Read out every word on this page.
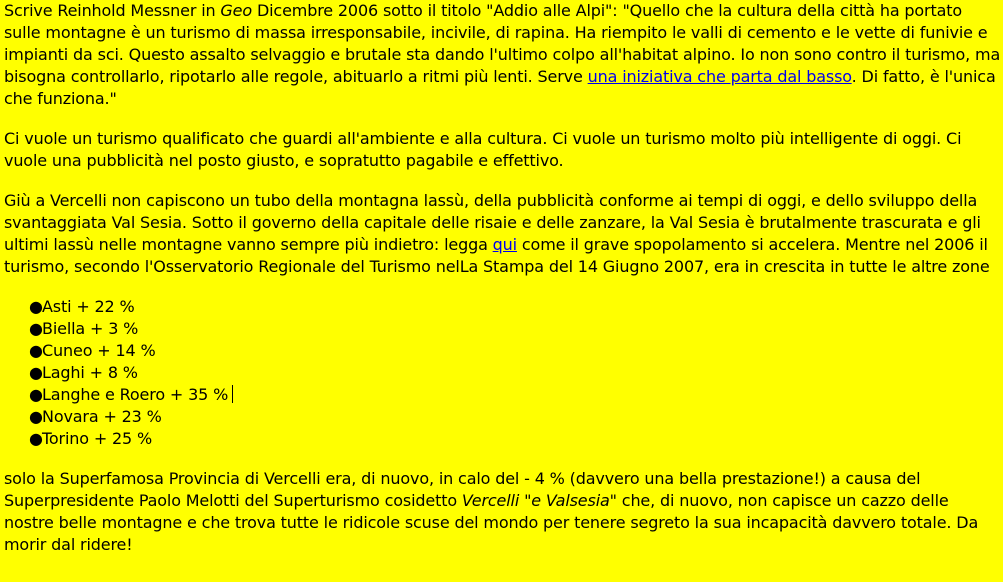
Scrive Reinhold Messner in Geo Dicembre 2006 sotto il titolo "Addio alle Alpi": "Quello che la cultura della città ha portato sulle montagne è un turismo di massa irresponsabile, incivile, di rapina. Ha riempito le valli di cemento e le vette di funivie e impianti da sci. Questo assalto selvaggio e brutale sta dando l'ultimo colpo all'habitat alpino. Io non sono contro il turismo, ma bisogna controllarlo, ripotarlo alle regole, abituarlo a ritmi più lenti. Serve una iniziativa che parta dal basso. Di fatto, è l'unica che funziona."

Ci vuole un turismo qualificato che guardi all'ambiente e alla cultura. Ci vuole un turismo molto più intelligente di oggi. Ci vuole una pubblicità nel posto giusto, e sopratutto pagabile e effettivo.

Giù a Vercelli non capiscono un tubo della montagna lassù, della pubblicità conforme ai tempi di oggi, e dello sviluppo della svantaggiata Val Sesia. Sotto il governo della capitale delle risaie e delle zanzare, la Val Sesia è brutalmente trascurata e gli ultimi lassù nelle montagne vanno sempre più indietro: legga qui come il grave spopolamento si accelera. Mentre nel 2006 il turismo, secondo l'Osservatorio Regionale del Turismo nelLa Stampa del 14 Giugno 2007, era in crescita in tutte le altre zone

● Asti + 22 %
● Biella + 3 %
● Cuneo + 14 %
● Laghi + 8 %
● Langhe e Roero + 35 %
● Novara + 23 %
● Torino + 25 %

solo la Superfamosa Provincia di Vercelli era, di nuovo, in calo del - 4 % (davvero una bella prestazione!) a causa del Superpresidente Paolo Melotti del Superturismo cosidetto Vercelli "e Valsesia" che, di nuovo, non capisce un cazzo delle nostre belle montagne e che trova tutte le ridicole scuse del mondo per tenere segreto la sua incapacità davvero totale. Da morir dal ridere!
